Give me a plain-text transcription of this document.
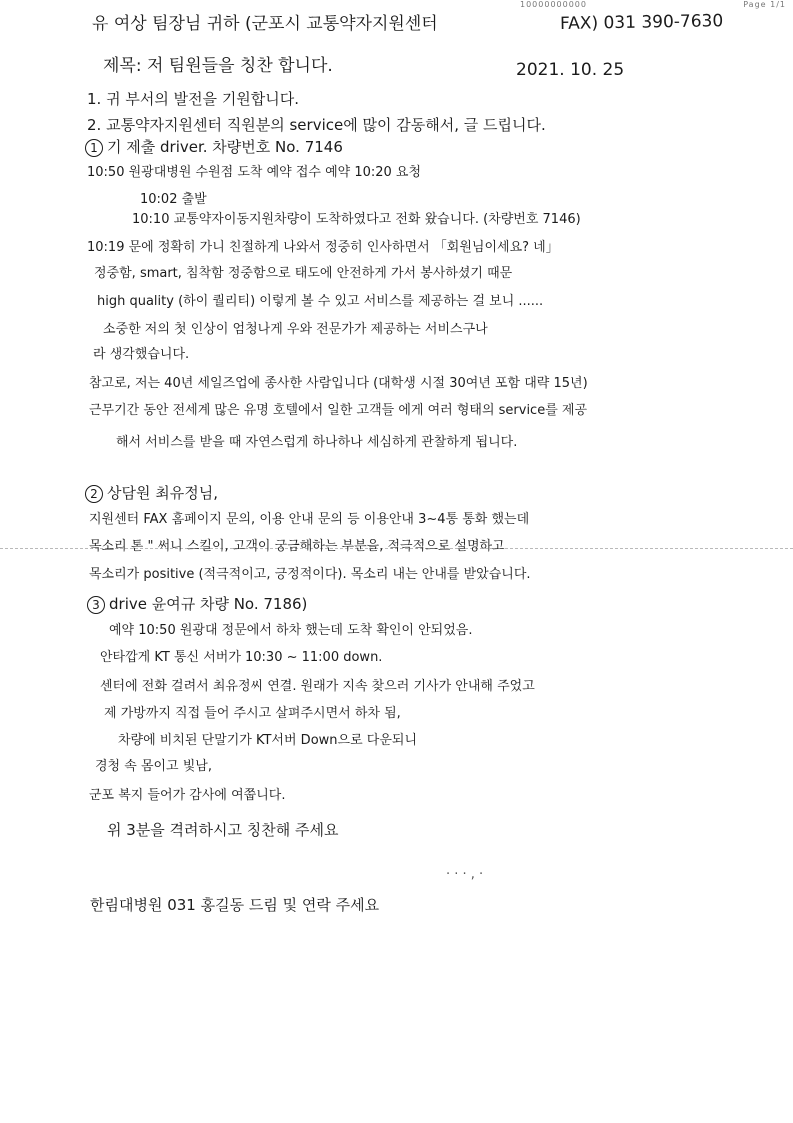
10000000000	Page 1/1
유 여상 팀장님 귀하 (군포시 교통약자지원센터	FAX) 031 390-7630
제목: 저 팀원들을 칭찬 합니다.	2021. 10. 25
1. 귀 부서의 발전을 기원합니다.
2. 교통약자지원센터 직원분의 service에 많이 감동해서, 글 드립니다.
1 기 제출 driver. 차량번호 No. 7146
10:50 원광대병원 수원점 도착 예약 접수 예약 10:20 요청
10:02 출발
10:10 교통약자이동지원차량이 도착하였다고 전화 왔습니다. (차량번호 7146)
10:19 문에 정확히 가니 친절하게 나와서 정중히 인사하면서 「회원님이세요? 네」
정중함, smart, 침착함 정중함으로 태도에 안전하게 가서 봉사하셨기 때문
high quality (하이 퀄리티) 이렇게 볼 수 있고 서비스를 제공하는 걸 보니 ......
소중한 저의 첫 인상이 엄청나게 우와 전문가가 제공하는 서비스구나
라 생각했습니다.
참고로, 저는 40년 세일즈업에 종사한 사람입니다 (대학생 시절 30여년 포함 대략 15년)
근무기간 동안 전세계 많은 유명 호텔에서 일한 고객들 에게 여러 형태의 service를 제공
해서 서비스를 받을 때 자연스럽게 하나하나 세심하게 관찰하게 됩니다.
2 상담원 최유정님,
지원센터 FAX 홈페이지 문의, 이용 안내 문의 등 이용안내 3~4통 통화 했는데
목소리 톤 " 써니 스킬이, 고객이 궁금해하는 부분을, 적극적으로 설명하고
목소리가 positive (적극적이고, 긍정적이다). 목소리 내는 안내를 받았습니다.
3 drive 윤여규 차량 No. 7186)
예약 10:50 원광대 정문에서 하차 했는데 도착 확인이 안되었음.
안타깝게 KT 통신 서버가 10:30 ~ 11:00 down.
센터에 전화 걸려서 최유정씨 연결. 원래가 지속 찾으러 기사가 안내해 주었고
제 가방까지 직접 들어 주시고 살펴주시면서 하차 됨,
차량에 비치된 단말기가 KT서버 Down으로 다운되니
경청 속 몸이고 빛남,
군포 복지 들어가 감사에 여쭙니다.
위 3분을 격려하시고 칭찬해 주세요
· · · , ·
한림대병원 031 홍길동 드림 및 연락 주세요
